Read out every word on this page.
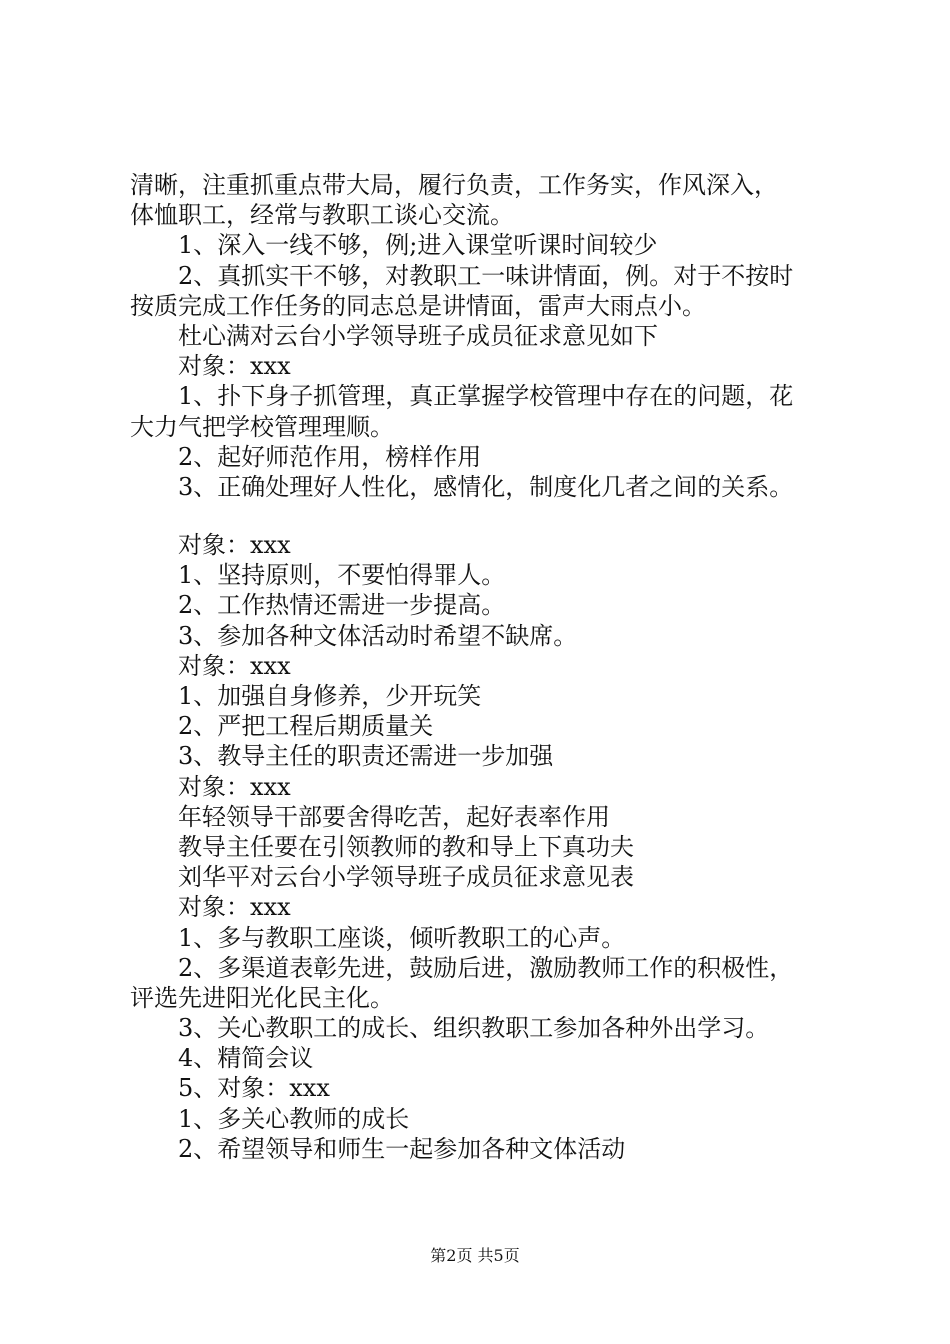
清晰，注重抓重点带大局，履行负责，工作务实，作风深入，
体恤职工，经常与教职工谈心交流。
1、深入一线不够，例;进入课堂听课时间较少
2、真抓实干不够，对教职工一味讲情面，例。对于不按时
按质完成工作任务的同志总是讲情面，雷声大雨点小。
杜心满对云台小学领导班子成员征求意见如下
对象：xxx
1、扑下身子抓管理，真正掌握学校管理中存在的问题，花
大力气把学校管理理顺。
2、起好师范作用，榜样作用
3、正确处理好人性化，感情化，制度化几者之间的关系。
对象：xxx
1、坚持原则，不要怕得罪人。
2、工作热情还需进一步提高。
3、参加各种文体活动时希望不缺席。
对象：xxx
1、加强自身修养，少开玩笑
2、严把工程后期质量关
3、教导主任的职责还需进一步加强
对象：xxx
年轻领导干部要舍得吃苦，起好表率作用
教导主任要在引领教师的教和导上下真功夫
刘华平对云台小学领导班子成员征求意见表
对象：xxx
1、多与教职工座谈，倾听教职工的心声。
2、多渠道表彰先进，鼓励后进，激励教师工作的积极性，
评选先进阳光化民主化。
3、关心教职工的成长、组织教职工参加各种外出学习。
4、精简会议
5、对象：xxx
1、多关心教师的成长
2、希望领导和师生一起参加各种文体活动
第2页 共5页
